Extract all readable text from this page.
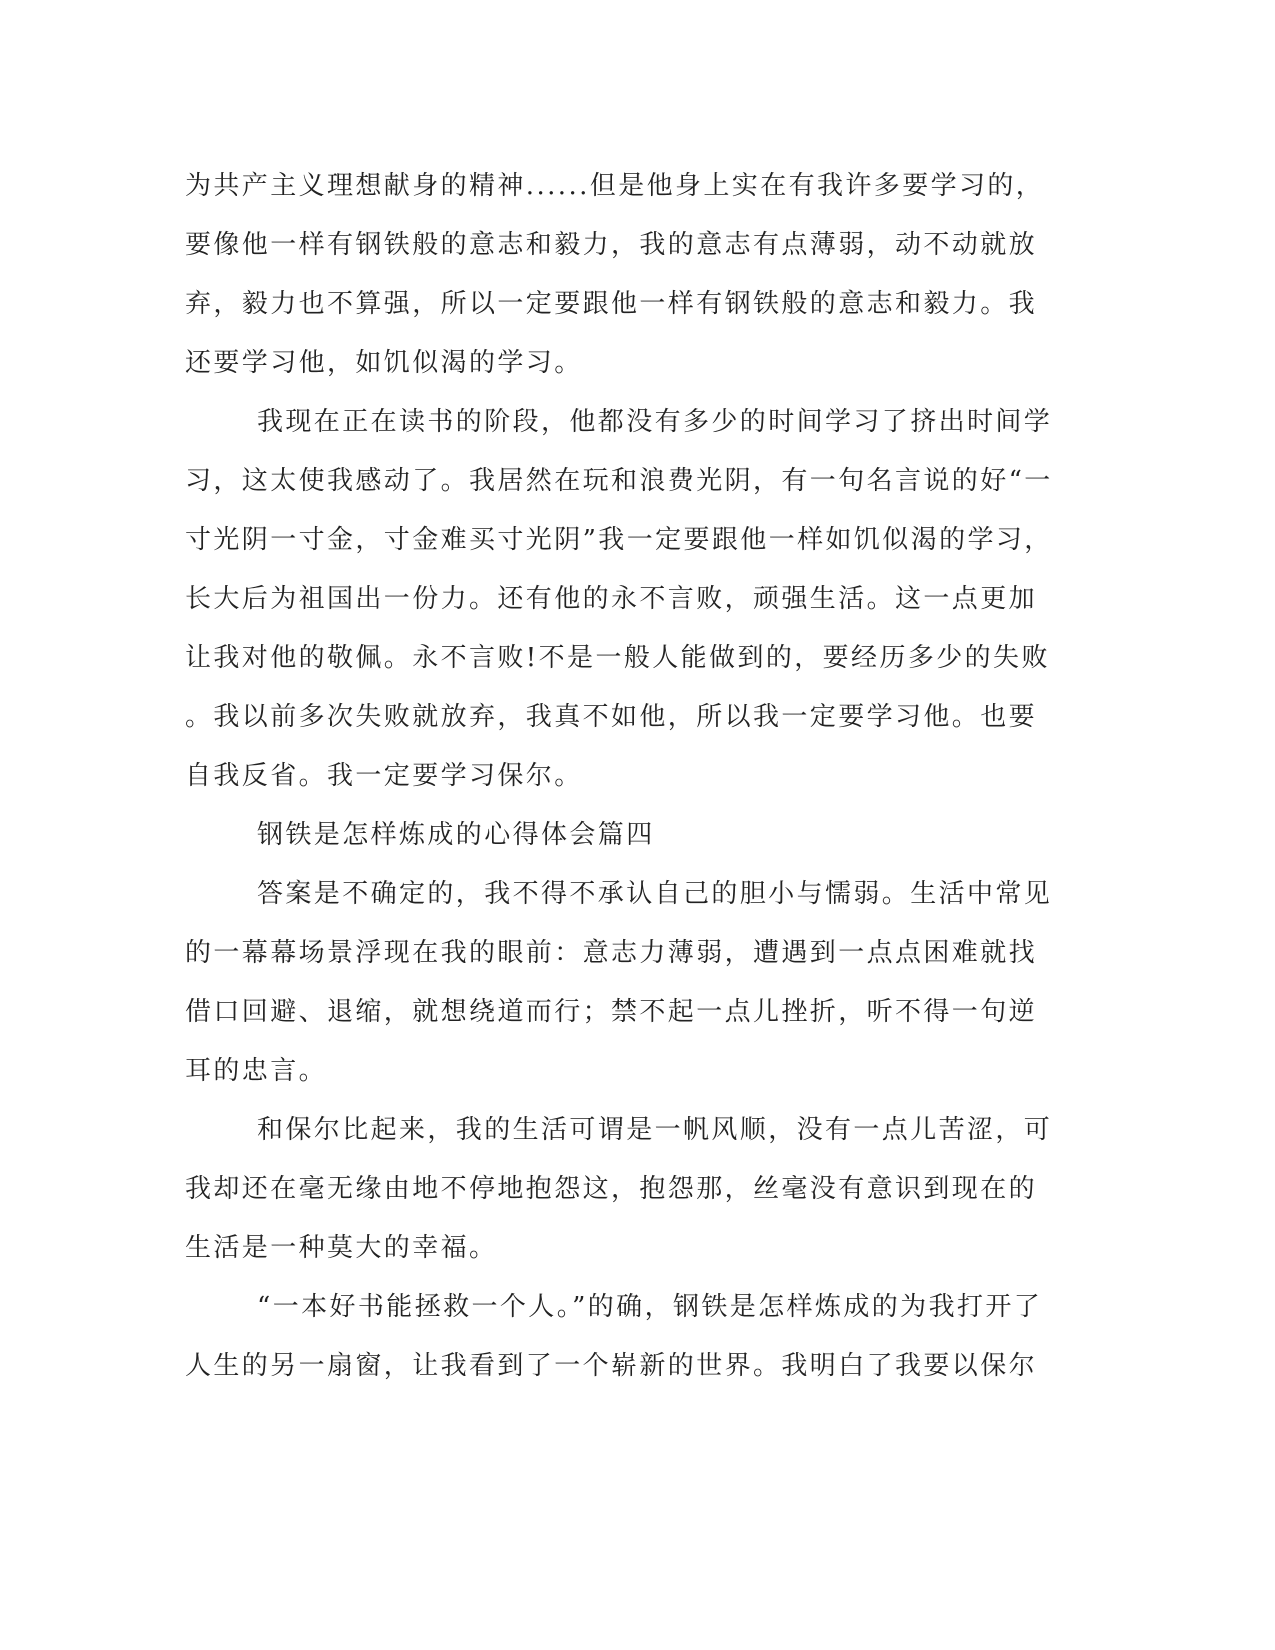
为共产主义理想献身的精神......但是他身上实在有我许多要学习的，
要像他一样有钢铁般的意志和毅力，我的意志有点薄弱，动不动就放
弃，毅力也不算强，所以一定要跟他一样有钢铁般的意志和毅力。我
还要学习他，如饥似渴的学习。
我现在正在读书的阶段，他都没有多少的时间学习了挤出时间学
习，这太使我感动了。我居然在玩和浪费光阴，有一句名言说的好“一
寸光阴一寸金，寸金难买寸光阴”我一定要跟他一样如饥似渴的学习，
长大后为祖国出一份力。还有他的永不言败，顽强生活。这一点更加
让我对他的敬佩。永不言败!不是一般人能做到的，要经历多少的失败
。我以前多次失败就放弃，我真不如他，所以我一定要学习他。也要
自我反省。我一定要学习保尔。
钢铁是怎样炼成的心得体会篇四
答案是不确定的，我不得不承认自己的胆小与懦弱。生活中常见
的一幕幕场景浮现在我的眼前：意志力薄弱，遭遇到一点点困难就找
借口回避、退缩，就想绕道而行；禁不起一点儿挫折，听不得一句逆
耳的忠言。
和保尔比起来，我的生活可谓是一帆风顺，没有一点儿苦涩，可
我却还在毫无缘由地不停地抱怨这，抱怨那，丝毫没有意识到现在的
生活是一种莫大的幸福。
“一本好书能拯救一个人。”的确，钢铁是怎样炼成的为我打开了
人生的另一扇窗，让我看到了一个崭新的世界。我明白了我要以保尔
